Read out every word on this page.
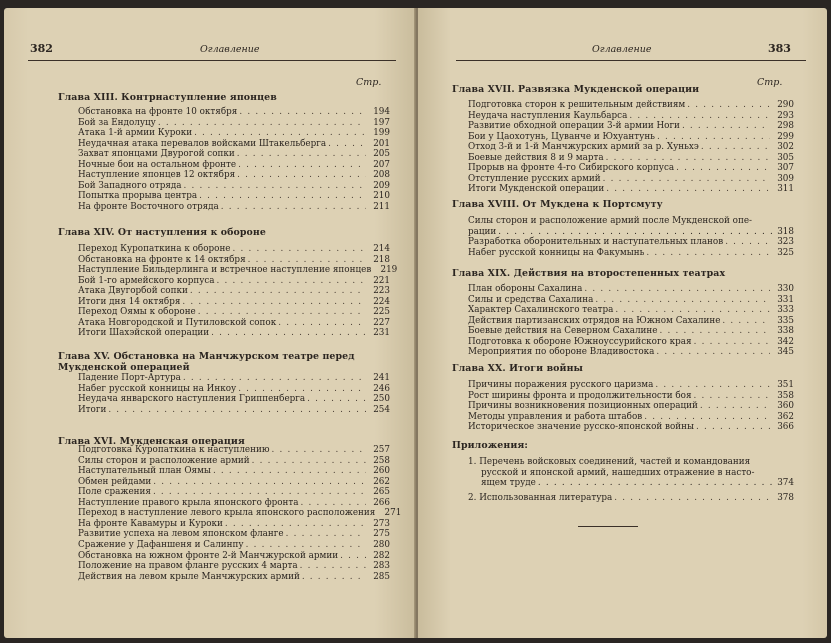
382	Оглавление
Стр.
Глава XIII. Контрнаступление японцев
Обстановка на фронте 10 октября . . .	194
Бой за Ендолуцу . . .	197
Атака 1-й армии Куроки . . .	199
Неудачная атака перевалов войсками Штакельберга . . .	201
Захват японцами Двурогой сопки . . .	205
Ночные бои на остальном фронте . . .	207
Наступление японцев 12 октября . . .	208
Бой Западного отряда . . .	209
Попытка прорыва центра . . .	210
На фронте Восточного отряда . . .	211
Глава XIV. От наступления к обороне
Переход Куропаткина к обороне . . .	214
Обстановка на фронте к 14 октября . . .	218
Наступление Бильдерлинга и встречное наступление японцев	219
Бой 1-го армейского корпуса . . .	221
Атака Двугорбой сопки . . .	223
Итоги дня 14 октября . . .	224
Переход Оямы к обороне . . .	225
Атака Новгородской и Путиловской сопок . . .	227
Итоги Шахэйской операции . . .	231
Глава XV. Обстановка на Манчжурском театре перед Мукденской операцией
Падение Порт-Артура . . .	241
Набег русской конницы на Инкоу . . .	246
Неудача январского наступления Гриппенберга . . .	250
Итоги . . .	254
Глава XVI. Мукденская операция
Подготовка Куропаткина к наступлению . . .	257
Силы сторон и расположение армий . . .	258
Наступательный план Оямы . . .	260
Обмен рейдами . . .	262
Поле сражения . . .	265
Наступление правого крыла японского фронта . . .	266
Переход в наступление левого крыла японского расположения	271
На фронте Кавамуры и Куроки . . .	273
Развитие успеха на левом японском фланге . . .	275
Сражение у Дафаншеня и Салинпу . . .	280
Обстановка на южном фронте 2-й Манчжурской армии . . .	282
Положение на правом фланге русских 4 марта . . .	283
Действия на левом крыле Манчжурских армий . . .	285
Оглавление	383
Стр.
Глава XVII. Развязка Мукденской операции
Подготовка сторон к решительным действиям . . .	290
Неудача наступления Каульбарса . . .	293
Развитие обходной операции 3-й армии Ноги . . .	298
Бои у Цаохотунь, Цуванче и Юхуантунь . . .	299
Отход 3-й и 1-й Манчжурских армий за р. Хуньхэ . . .	302
Боевые действия 8 и 9 марта . . .	305
Прорыв на фронте 4-го Сибирского корпуса . . .	307
Отступление русских армий . . .	309
Итоги Мукденской операции . . .	311
Глава XVIII. От Мукдена к Портсмуту
Силы сторон и расположение армий после Мукденской опе-
рации . . .	318
Разработка оборонительных и наступательных планов . . .	323
Набег русской конницы на Факумынь . . .	325
Глава XIX. Действия на второстепенных театрах
План обороны Сахалина . . .	330
Силы и средства Сахалина . . .	331
Характер Сахалинского театра . . .	333
Действия партизанских отрядов на Южном Сахалине . . .	335
Боевые действия на Северном Сахалине . . .	338
Подготовка к обороне Южноуссурийского края . . .	342
Мероприятия по обороне Владивостока . . .	345
Глава XX. Итоги войны
Причины поражения русского царизма . . .	351
Рост ширины фронта и продолжительности боя . . .	358
Причины возникновения позиционных операций . . .	360
Методы управления и работа штабов . . .	362
Историческое значение русско-японской войны . . .	366
Приложения:
1. Перечень войсковых соединений, частей и командования
русской и японской армий, нашедших отражение в насто-
ящем труде . . .	374
2. Использованная литература . . .	378
